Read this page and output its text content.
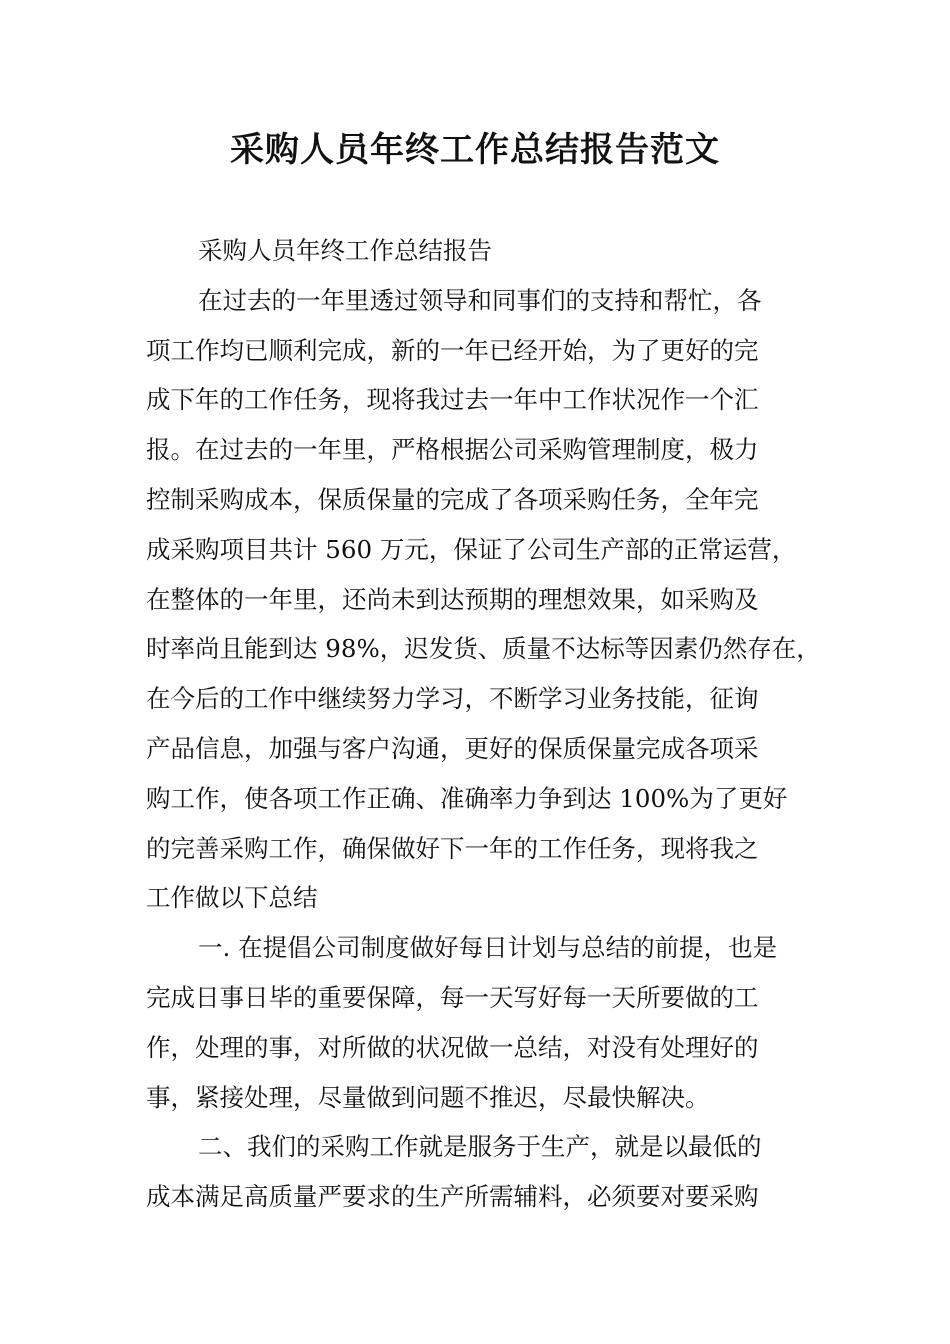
采购人员年终工作总结报告范文
采购人员年终工作总结报告
在过去的一年里透过领导和同事们的支持和帮忙，各
项工作均已顺利完成，新的一年已经开始，为了更好的完
成下年的工作任务，现将我过去一年中工作状况作一个汇
报。在过去的一年里，严格根据公司采购管理制度，极力
控制采购成本，保质保量的完成了各项采购任务，全年完
成采购项目共计 560 万元，保证了公司生产部的正常运营，
在整体的一年里，还尚未到达预期的理想效果，如采购及
时率尚且能到达 98%，迟发货、质量不达标等因素仍然存在，
在今后的工作中继续努力学习，不断学习业务技能，征询
产品信息，加强与客户沟通，更好的保质保量完成各项采
购工作，使各项工作正确、准确率力争到达 100%为了更好
的完善采购工作，确保做好下一年的工作任务，现将我之
工作做以下总结
一. 在提倡公司制度做好每日计划与总结的前提，也是
完成日事日毕的重要保障，每一天写好每一天所要做的工
作，处理的事，对所做的状况做一总结，对没有处理好的
事，紧接处理，尽量做到问题不推迟，尽最快解决。
二、我们的采购工作就是服务于生产，就是以最低的
成本满足高质量严要求的生产所需辅料，必须要对要采购
